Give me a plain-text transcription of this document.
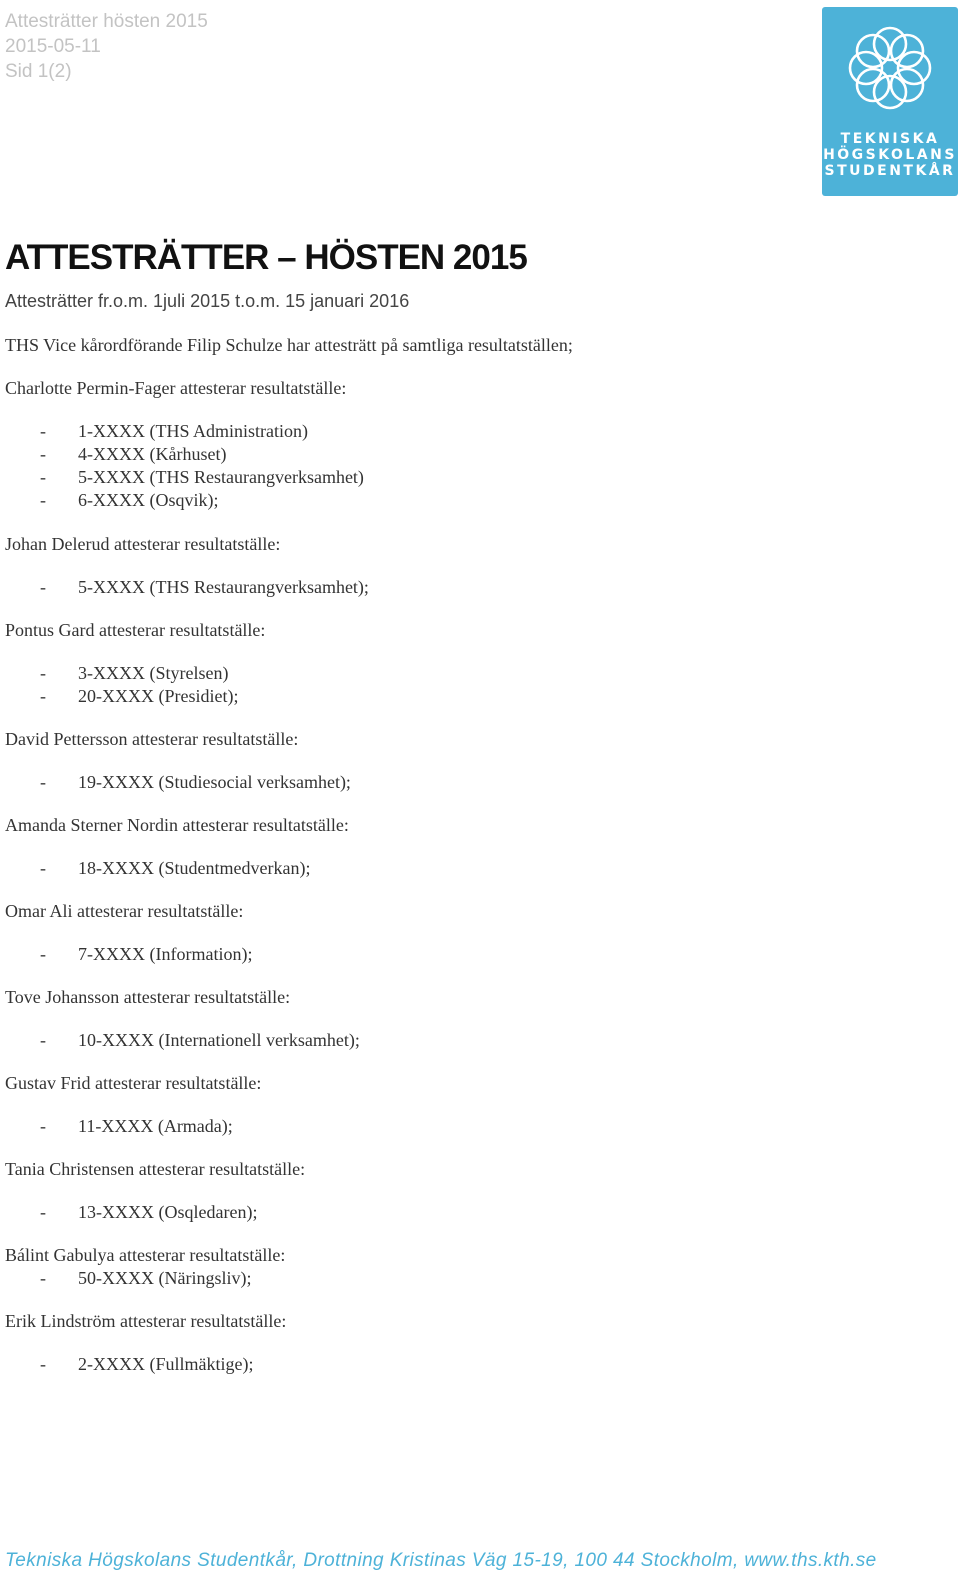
Attesträtter hösten 2015
2015-05-11
Sid 1(2)
TEKNISKA
HÖGSKOLANS
STUDENTKÅR
ATTESTRÄTTER – HÖSTEN 2015
Attesträtter fr.o.m. 1juli 2015 t.o.m. 15 januari 2016
THS Vice kårordförande Filip Schulze har attesträtt på samtliga resultatställen;
Charlotte Permin-Fager attesterar resultatställe:
- 1-XXXX (THS Administration)
- 4-XXXX (Kårhuset)
- 5-XXXX (THS Restaurangverksamhet)
- 6-XXXX (Osqvik);
Johan Delerud attesterar resultatställe:
- 5-XXXX (THS Restaurangverksamhet);
Pontus Gard attesterar resultatställe:
- 3-XXXX (Styrelsen)
- 20-XXXX (Presidiet);
David Pettersson attesterar resultatställe:
- 19-XXXX (Studiesocial verksamhet);
Amanda Sterner Nordin attesterar resultatställe:
- 18-XXXX (Studentmedverkan);
Omar Ali attesterar resultatställe:
- 7-XXXX (Information);
Tove Johansson attesterar resultatställe:
- 10-XXXX (Internationell verksamhet);
Gustav Frid attesterar resultatställe:
- 11-XXXX (Armada);
Tania Christensen attesterar resultatställe:
- 13-XXXX (Osqledaren);
Bálint Gabulya attesterar resultatställe:
- 50-XXXX (Näringsliv);
Erik Lindström attesterar resultatställe:
- 2-XXXX (Fullmäktige);
Tekniska Högskolans Studentkår, Drottning Kristinas Väg 15-19, 100 44 Stockholm, www.ths.kth.se
